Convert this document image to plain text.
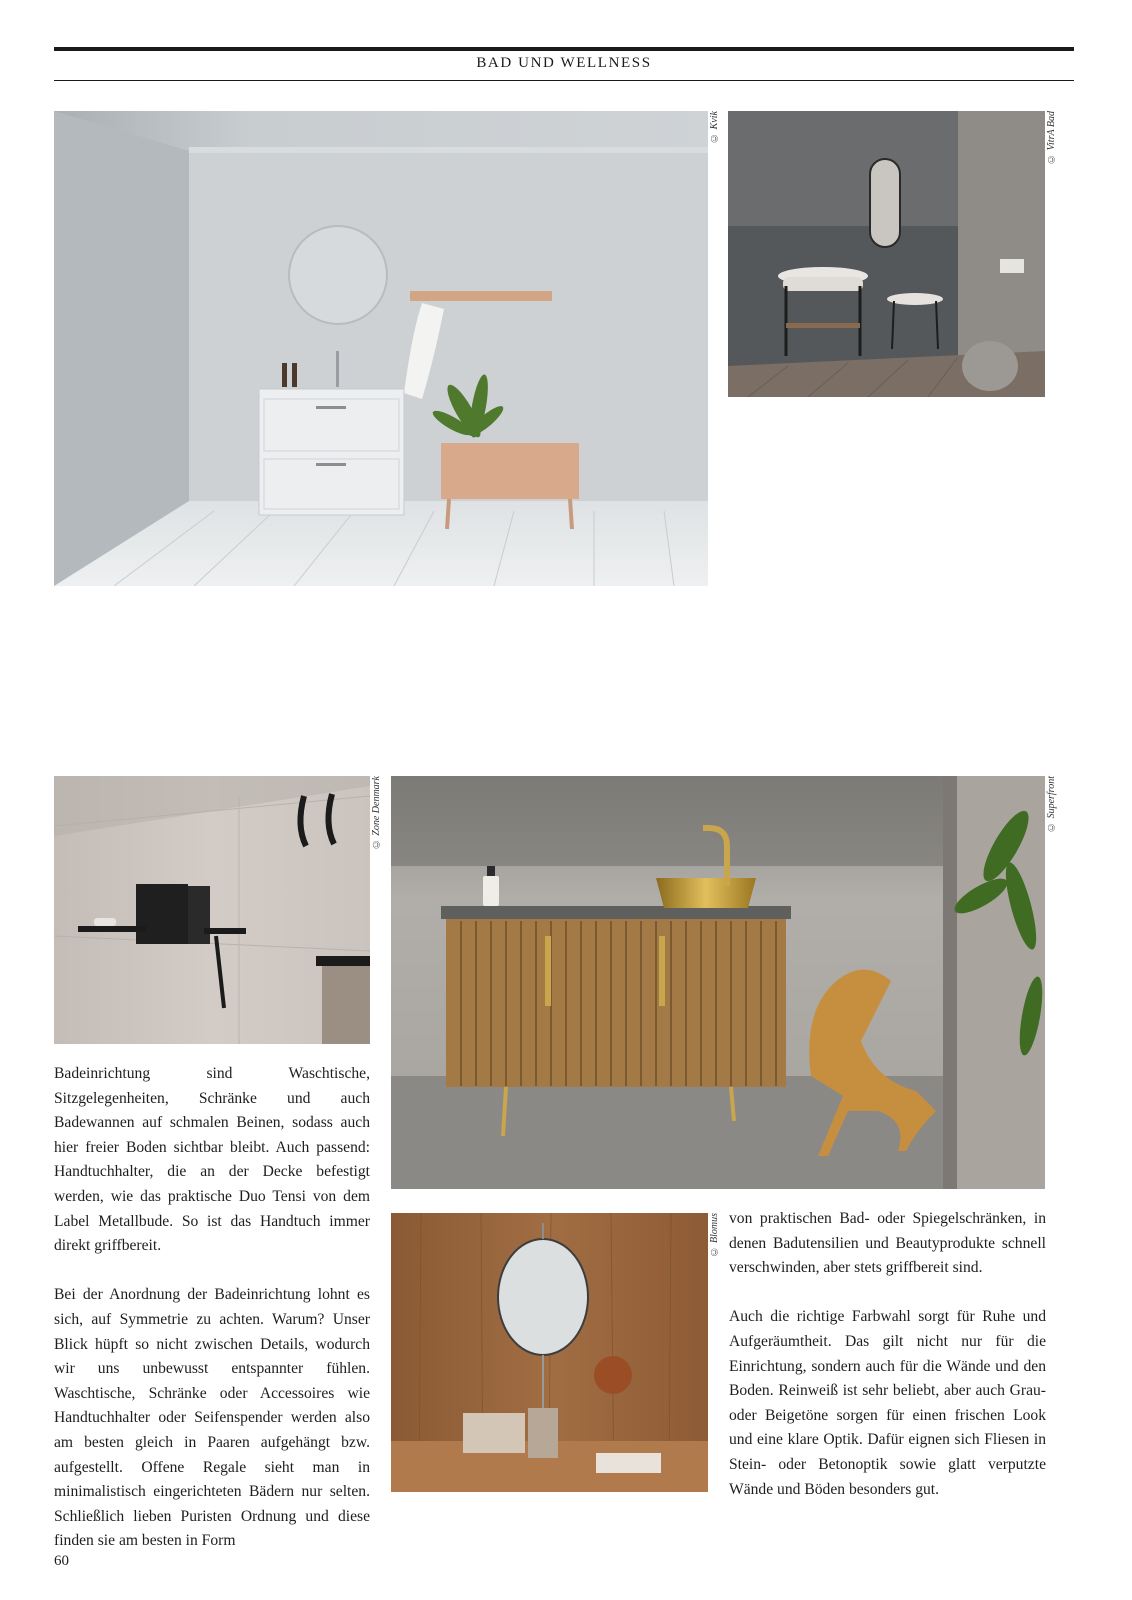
BAD UND WELLNESS
© Kvik	© VitrA Bad
© Zone Denmark	© Superfront
© Blomus

Badeinrichtung sind Waschtische, Sitzgelegenheiten, Schränke und auch Badewannen auf schmalen Beinen, sodass auch hier freier Boden sichtbar bleibt. Auch passend: Handtuchhalter, die an der Decke befestigt werden, wie das praktische Duo Tensi von dem Label Metallbude. So ist das Handtuch immer direkt griffbereit.

Bei der Anordnung der Badeinrichtung lohnt es sich, auf Symmetrie zu achten. Warum? Unser Blick hüpft so nicht zwischen Details, wodurch wir uns unbewusst entspannter fühlen. Waschtische, Schränke oder Accessoires wie Handtuchhalter oder Seifenspender werden also am besten gleich in Paaren aufgehängt bzw. aufgestellt. Offene Regale sieht man in minimalistisch eingerichteten Bädern nur selten. Schließlich lieben Puristen Ordnung und diese finden sie am besten in Form

von praktischen Bad- oder Spiegelschränken, in denen Badutensilien und Beautyprodukte schnell verschwinden, aber stets griffbereit sind.

Auch die richtige Farbwahl sorgt für Ruhe und Aufgeräumtheit. Das gilt nicht nur für die Einrichtung, sondern auch für die Wände und den Boden. Reinweiß ist sehr beliebt, aber auch Grau- oder Beigetöne sorgen für einen frischen Look und eine klare Optik. Dafür eignen sich Fliesen in Stein- oder Betonoptik sowie glatt verputzte Wände und Böden besonders gut.

60
